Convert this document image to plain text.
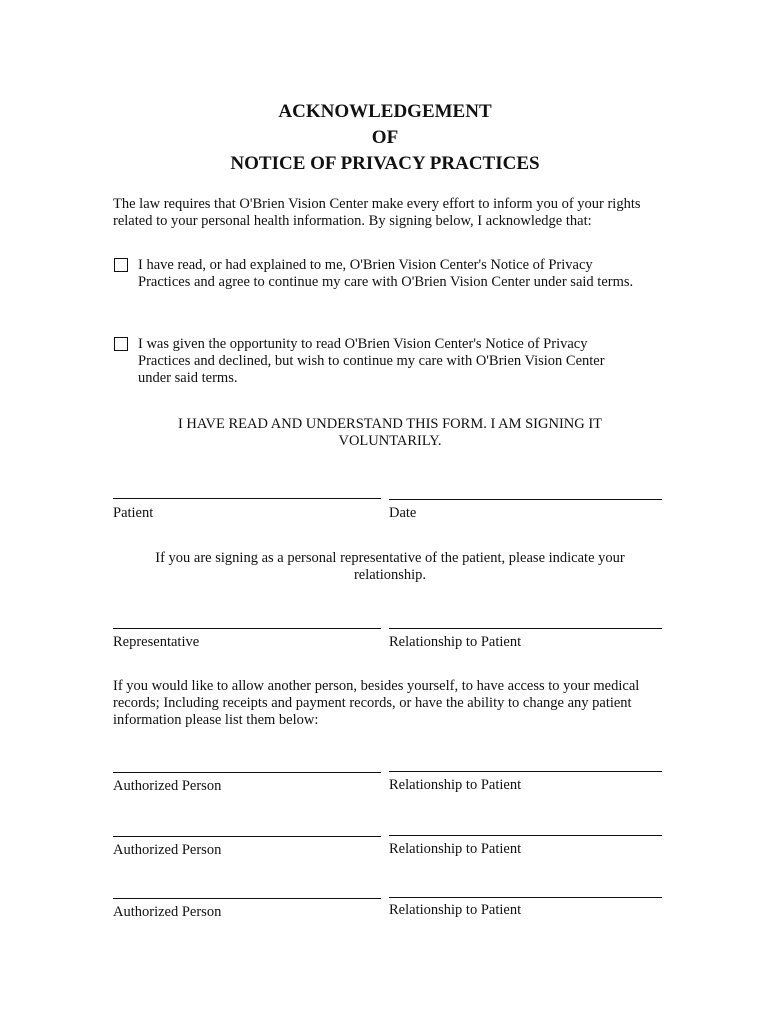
ACKNOWLEDGEMENT
OF
NOTICE OF PRIVACY PRACTICES
The law requires that O'Brien Vision Center make every effort to inform you of your rights related to your personal health information. By signing below, I acknowledge that:
I have read, or had explained to me, O'Brien Vision Center's Notice of Privacy
Practices and agree to continue my care with O'Brien Vision Center under said terms.
I was given the opportunity to read O'Brien Vision Center's Notice of Privacy
Practices and declined, but wish to continue my care with O'Brien Vision Center
under said terms.
I HAVE READ AND UNDERSTAND THIS FORM. I AM SIGNING IT
VOLUNTARILY.
Patient	Date
If you are signing as a personal representative of the patient, please indicate your
relationship.
Representative	Relationship to Patient
If you would like to allow another person, besides yourself, to have access to your medical
records; Including receipts and payment records, or have the ability to change any patient
information please list them below:
Authorized Person	Relationship to Patient
Authorized Person	Relationship to Patient
Authorized Person	Relationship to Patient
